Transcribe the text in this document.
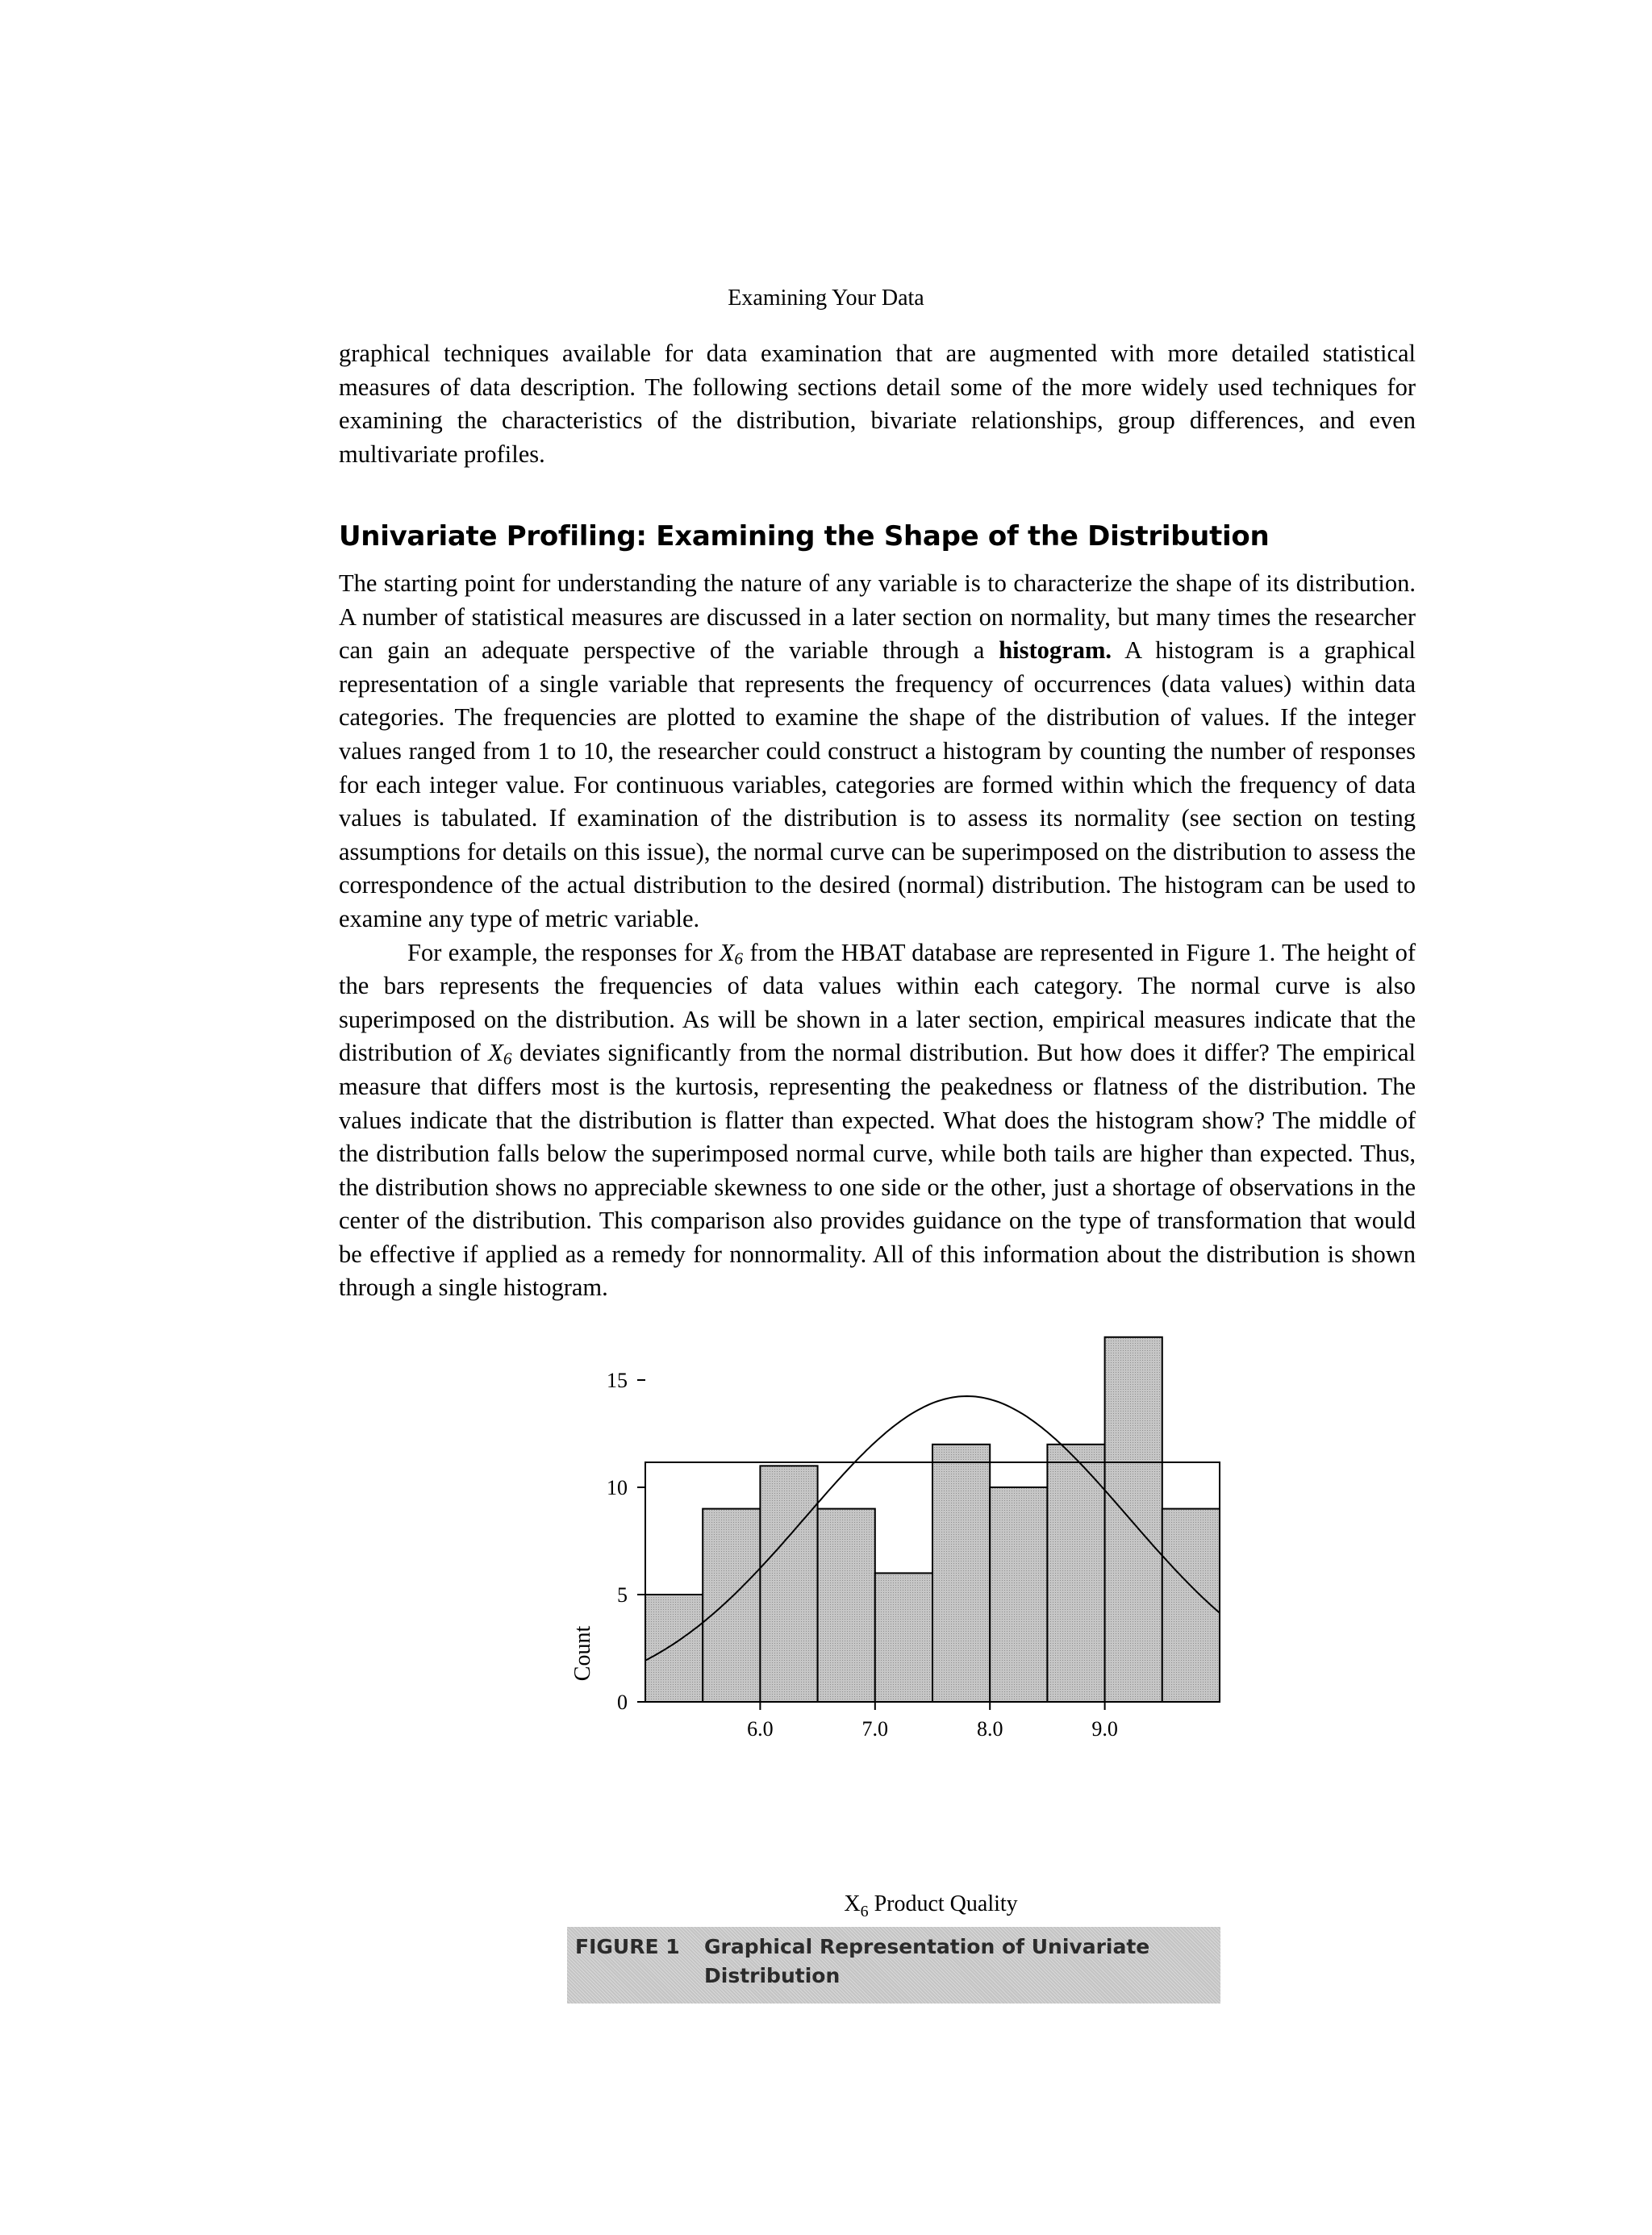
Examining Your Data

graphical techniques available for data examination that are augmented with more detailed statistical measures of data description. The following sections detail some of the more widely used techniques for examining the characteristics of the distribution, bivariate relationships, group differences, and even multivariate profiles.

Univariate Profiling: Examining the Shape of the Distribution

The starting point for understanding the nature of any variable is to characterize the shape of its distribution. A number of statistical measures are discussed in a later section on normality, but many times the researcher can gain an adequate perspective of the variable through a histogram. A histogram is a graphical representation of a single variable that represents the frequency of occurrences (data values) within data categories. The frequencies are plotted to examine the shape of the distribution of values. If the integer values ranged from 1 to 10, the researcher could construct a histogram by counting the number of responses for each integer value. For continuous variables, categories are formed within which the frequency of data values is tabulated. If examination of the distribution is to assess its normality (see section on testing assumptions for details on this issue), the normal curve can be superimposed on the distribution to assess the correspondence of the actual distribution to the desired (normal) distribution. The histogram can be used to examine any type of metric variable.

For example, the responses for $X_6$ from the HBAT database are represented in Figure 1. The height of the bars represents the frequencies of data values within each category. The normal curve is also superimposed on the distribution. As will be shown in a later section, empirical measures indicate that the distribution of $X_6$ deviates significantly from the normal distribution. But how does it differ? The empirical measure that differs most is the kurtosis, representing the peakedness or flatness of the distribution. The values indicate that the distribution is flatter than expected. What does the histogram show? The middle of the distribution falls below the superimposed normal curve, while both tails are higher than expected. Thus, the distribution shows no appreciable skewness to one side or the other, just a shortage of observations in the center of the distribution. This comparison also provides guidance on the type of transformation that would be effective if applied as a remedy for nonnormality. All of this information about the distribution is shown through a single histogram.

0
5
10
15
6.0	7.0	8.0	9.0
Count
$X_6$ Product Quality
FIGURE 1 Graphical Representation of Univariate Distribution
